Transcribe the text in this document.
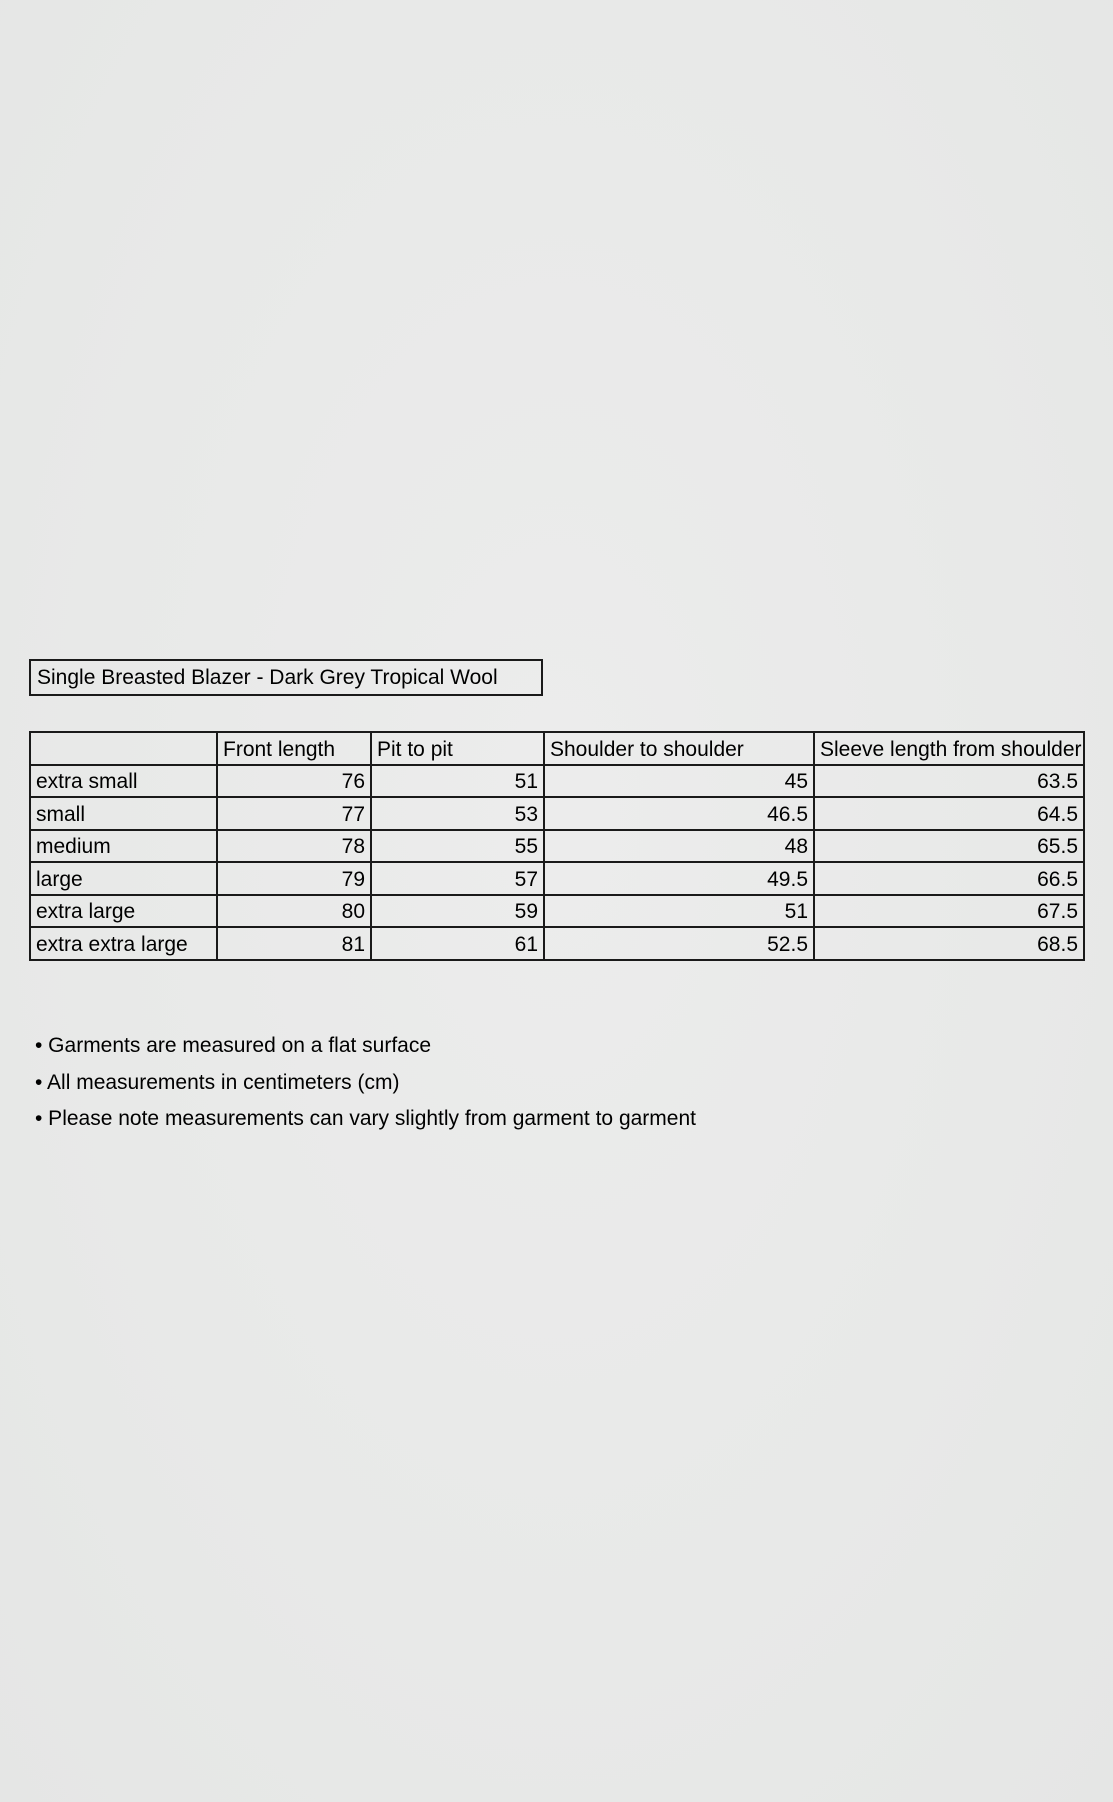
Single Breasted Blazer - Dark Grey Tropical Wool
	Front length	Pit to pit	Shoulder to shoulder	Sleeve length from shoulder
extra small	76	51	45	63.5
small	77	53	46.5	64.5
medium	78	55	48	65.5
large	79	57	49.5	66.5
extra large	80	59	51	67.5
extra extra large	81	61	52.5	68.5
• Garments are measured on a flat surface
• All measurements in centimeters (cm)
• Please note measurements can vary slightly from garment to garment
